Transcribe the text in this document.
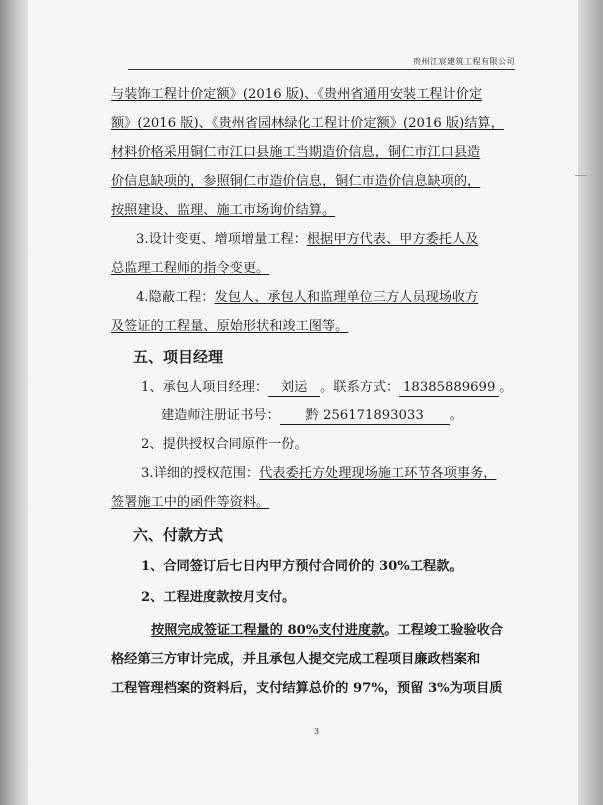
贵州江宸建筑工程有限公司
与装饰工程计价定额》(2016 版)、《贵州省通用安装工程计价定
额》(2016 版)、《贵州省园林绿化工程计价定额》(2016 版)结算，
材料价格采用铜仁市江口县施工当期造价信息，铜仁市江口县造
价信息缺项的，参照铜仁市造价信息，铜仁市造价信息缺项的，
按照建设、监理、施工市场询价结算。
3.设计变更、增项增量工程：根据甲方代表、甲方委托人及
总监理工程师的指令变更。
4.隐蔽工程：发包人、承包人和监理单位三方人员现场收方
及签证的工程量、原始形状和竣工图等。
五、项目经理
1、承包人项目经理： 刘运 。联系方式： 18385889699 。
建造师注册证书号： 黔 256171893033 。
2、提供授权合同原件一份。
3.详细的授权范围：代表委托方处理现场施工环节各项事务，
签署施工中的函件等资料。
六、付款方式
1、合同签订后七日内甲方预付合同价的 30%工程款。
2、工程进度款按月支付。
按照完成签证工程量的 80%支付进度款。工程竣工验验收合
格经第三方审计完成，并且承包人提交完成工程项目廉政档案和
工程管理档案的资料后，支付结算总价的 97%，预留 3%为项目质
3
